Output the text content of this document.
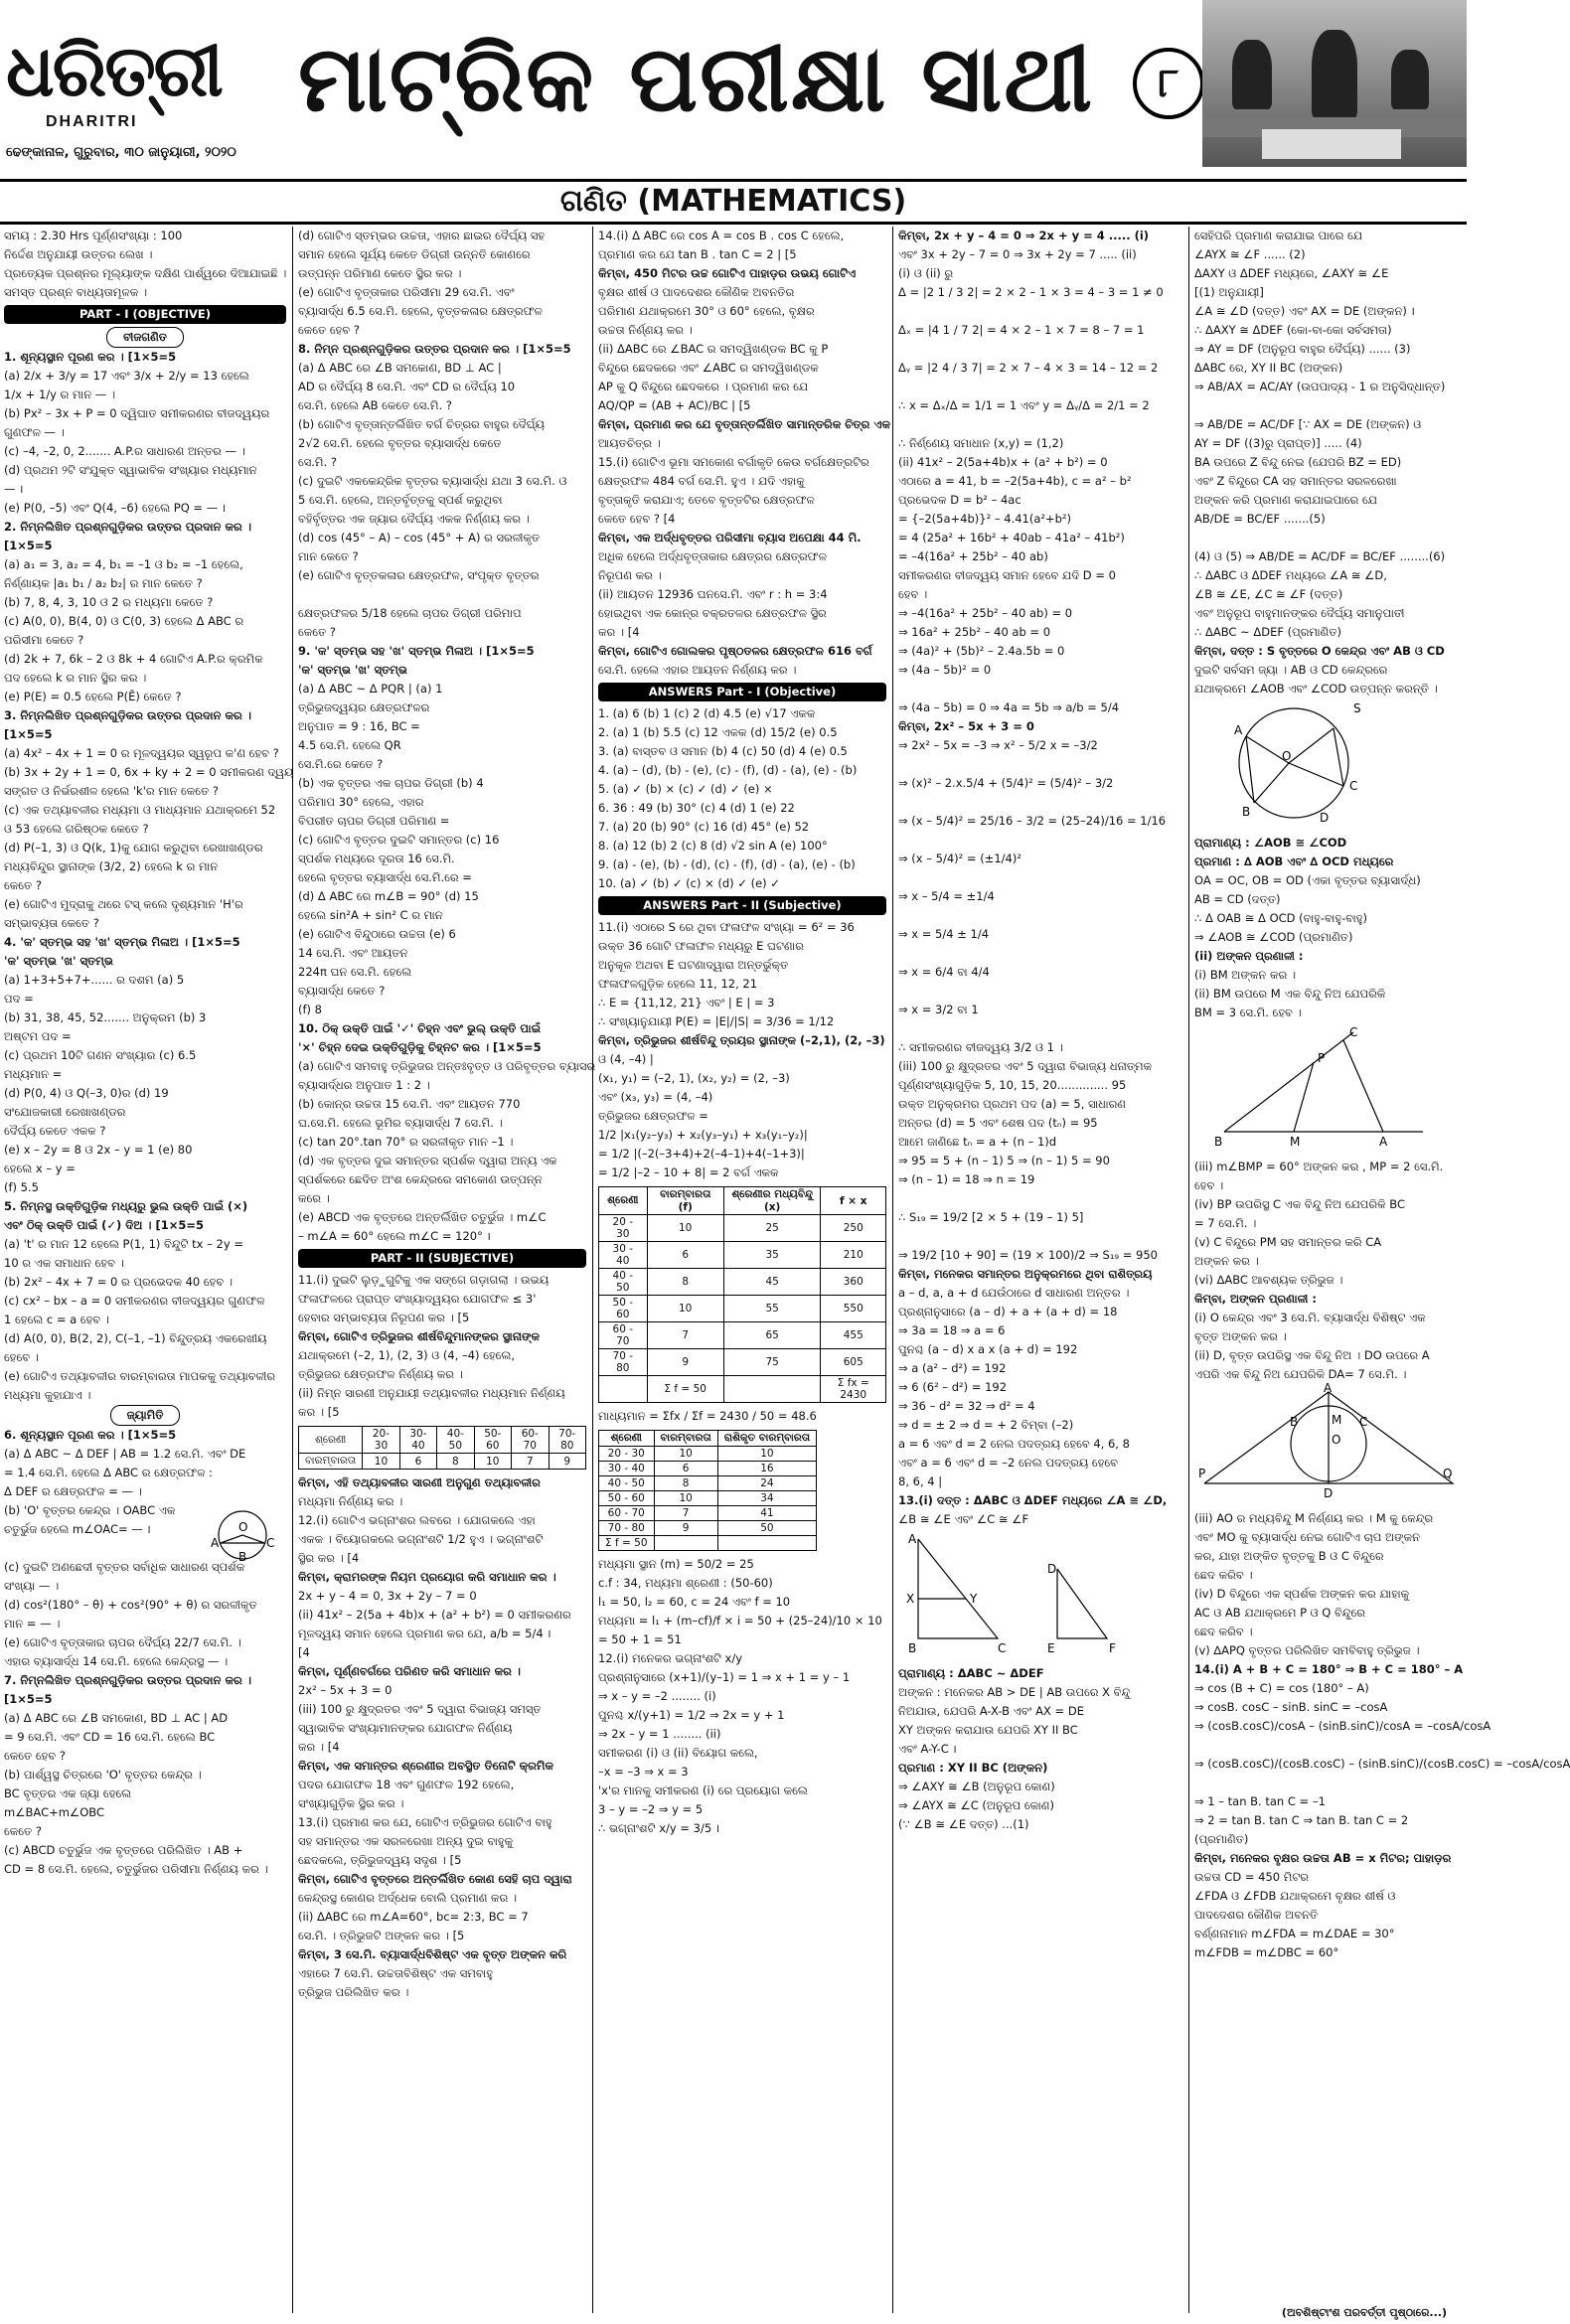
ଧରିତ୍ରୀ
DHARITRI
ଢେଙ୍କାନାଳ, ଗୁରୁବାର, ୩୦ ଜାନୁୟାରୀ, ୨୦୨୦
ମାଟ୍ରିକ ପରୀକ୍ଷା ସାଥୀ	୮
ଗଣିତ (MATHEMATICS)

ସମୟ : 2.30 Hrs ପୂର୍ଣ୍ଣସଂଖ୍ୟା : 100

ନିର୍ଦ୍ଦେଶ ଅନୁଯାୟୀ ଉତ୍ତର ଲେଖ ।

ପ୍ରତ୍ୟେକ ପ୍ରଶ୍ନର ମୂଲ୍ୟାଙ୍କ ଦକ୍ଷିଣ ପାର୍ଶ୍ୱରେ ଦିଆଯାଇଛି ।

ସମସ୍ତ ପ୍ରଶ୍ନ ବାଧ୍ୟତାମୂଳକ ।

PART - I (OBJECTIVE)

ବୀଜଗଣିତ

1. ଶୂନ୍ୟସ୍ଥାନ ପୂରଣ କର । [1×5=5

(a) 2/x + 3/y = 17 ଏବଂ 3/x + 2/y = 13 ହେଲେ

1/x + 1/y ର ମାନ — ।

(b) Px² – 3x + P = 0 ଦ୍ୱିଘାତ ସମୀକରଣର ବୀଜଦ୍ୱୟର

ଗୁଣଫଳ — ।

(c) –4, –2, 0, 2....... A.P.ର ସାଧାରଣ ଅନ୍ତର — ।

(d) ପ୍ରଥମ ୨ଟି ସଂଯୁକ୍ତ ସ୍ୱାଭାବିକ ସଂଖ୍ୟାର ମଧ୍ୟମାନ

— ।

(e) P(0, –5) ଏବଂ Q(4, –6) ହେଲେ PQ = — ।

2. ନିମ୍ନଲିଖିତ ପ୍ରଶ୍ନଗୁଡ଼ିକର ଉତ୍ତର ପ୍ରଦାନ କର ।

[1×5=5

(a) a₁ = 3, a₂ = 4, b₁ = –1 ଓ b₂ = –1 ହେଲେ,

ନିର୍ଣ୍ଣାୟକ |a₁ b₁ / a₂ b₂| ର ମାନ କେତେ ?

(b) 7, 8, 4, 3, 10 ଓ 2 ର ମଧ୍ୟମା କେତେ ?

(c) A(0, 0), B(4, 0) ଓ C(0, 3) ହେଲେ Δ ABC ର

ପରିସୀମା କେତେ ?

(d) 2k + 7, 6k – 2 ଓ 8k + 4 ଗୋଟିଏ A.P.ର କ୍ରମିକ

ପଦ ହେଲେ k ର ମାନ ସ୍ଥିର କର ।

(e) P(E) = 0.5 ହେଲେ P(Ē) କେତେ ?

3. ନିମ୍ନଲିଖିତ ପ୍ରଶ୍ନଗୁଡ଼ିକର ଉତ୍ତର ପ୍ରଦାନ କର ।

[1×5=5

(a) 4x² – 4x + 1 = 0 ର ମୂଳଦ୍ୱୟର ସ୍ୱରୂପ କ'ଣ ହେବ ?

(b) 3x + 2y + 1 = 0, 6x + ky + 2 = 0 ସମୀକରଣ ଦ୍ୱୟ

ସଙ୍ଗତ ଓ ନିର୍ଭରଶୀଳ ହେଲେ 'k'ର ମାନ କେତେ ?

(c) ଏକ ତଥ୍ୟାବଳୀର ମଧ୍ୟମା ଓ ମାଧ୍ୟମାନ ଯଥାକ୍ରମେ 52

ଓ 53 ହେଲେ ଗରିଷ୍ଠକ କେତେ ?

(d) P(–1, 3) ଓ Q(k, 1)କୁ ଯୋଗ କରୁଥିବା ରେଖାଖଣ୍ଡର

ମଧ୍ୟବିନ୍ଦୁର ସ୍ଥାନାଙ୍କ (3/2, 2) ହେଲେ k ର ମାନ

କେତେ ?

(e) ଗୋଟିଏ ମୁଦ୍ରାକୁ ଥରେ ଟସ୍ କଲେ ଦୃଶ୍ୟମାନ 'H'ର

ସମ୍ଭାବ୍ୟତା କେତେ ?

4. 'କ' ସ୍ତମ୍ଭ ସହ 'ଖ' ସ୍ତମ୍ଭ ମିଳାଅ । [1×5=5

'କ' ସ୍ତମ୍ଭ 'ଖ' ସ୍ତମ୍ଭ

(a) 1+3+5+7+...... ର ଦଶମ (a) 5

ପଦ =

(b) 31, 38, 45, 52....... ଅନୁକ୍ରମ (b) 3

ଅଷ୍ଟମ ପଦ =

(c) ପ୍ରଥମ 10ଟି ଗଣନ ସଂଖ୍ୟାର (c) 6.5

ମଧ୍ୟମାନ =

(d) P(0, 4) ଓ Q(–3, 0)ର (d) 19

ସଂଯୋଜକାରୀ ରେଖାଖଣ୍ଡର

ଦୈର୍ଘ୍ୟ କେତେ ଏକକ ?

(e) x – 2y = 8 ଓ 2x – y = 1 (e) 80

ହେଲେ x – y =

(f) 5.5

5. ନିମ୍ନସ୍ଥ ଉକ୍ତିଗୁଡ଼ିକ ମଧ୍ୟରୁ ଭୁଲ ଉକ୍ତି ପାଇଁ (×)

ଏବଂ ଠିକ୍ ଉକ୍ତି ପାଇଁ (✓) ଦିଅ । [1×5=5

(a) 't' ର ମାନ 12 ହେଲେ P(1, 1) ବିନ୍ଦୁଟି tx – 2y =

10 ର ଏକ ସମାଧାନ ହେବ ।

(b) 2x² – 4x + 7 = 0 ର ପ୍ରଭେଦକ 40 ହେବ ।

(c) cx² – bx – a = 0 ସମୀକରଣର ବୀଜଦ୍ୱୟର ଗୁଣଫଳ

1 ହେଲେ c = a ହେବ ।

(d) A(0, 0), B(2, 2), C(–1, –1) ବିନ୍ଦୁତ୍ରୟ ଏକରେଖୀୟ

ହେବେ ।

(e) ଗୋଟିଏ ତଥ୍ୟାବଳୀର ବାରମ୍ବାରତା ମାପକକୁ ତଥ୍ୟାବଳୀର

ମଧ୍ୟମା କୁହାଯାଏ ।

ଜ୍ୟାମିତି

6. ଶୂନ୍ୟସ୍ଥାନ ପୂରଣ କର । [1×5=5

(a) Δ ABC ~ Δ DEF | AB = 1.2 ସେ.ମି. ଏବଂ DE

= 1.4 ସେ.ମି. ହେଲେ Δ ABC ର କ୍ଷେତ୍ରଫଳ :

Δ DEF ର କ୍ଷେତ୍ରଫଳ = — ।

(b) 'O' ବୃତ୍ତର କେନ୍ଦ୍ର । OABC ଏକ

ଚତୁର୍ଭୁଜ ହେଲେ m∠OAC= — ।

(c) ଦୁଇଟି ଅଣଛେଦୀ ବୃତ୍ତର ସର୍ବାଧିକ ସାଧାରଣ ସ୍ପର୍ଶକ

ସଂଖ୍ୟା — ।

(d) cos²(180° – θ) + cos²(90° + θ) ର ସରଳୀକୃତ

ମାନ = — ।

(e) ଗୋଟିଏ ବୃତ୍ତାକାର ଚାପର ଦୈର୍ଘ୍ୟ 22/7 ସେ.ମି. ।

ଏହାର ବ୍ୟାସାର୍ଦ୍ଧ 14 ସେ.ମି. ହେଲେ କେନ୍ଦ୍ରସ୍ଥ — ।

7. ନିମ୍ନଲିଖିତ ପ୍ରଶ୍ନଗୁଡ଼ିକର ଉତ୍ତର ପ୍ରଦାନ କର ।

[1×5=5

(a) Δ ABC ରେ ∠B ସମକୋଣ, BD ⊥ AC | AD

= 9 ସେ.ମି. ଏବଂ CD = 16 ସେ.ମି. ହେଲେ BC

କେତେ ହେବ ?

(b) ପାର୍ଶ୍ୱସ୍ଥ ଚିତ୍ରରେ 'O' ବୃତ୍ତର କେନ୍ଦ୍ର ।

BC ବୃତ୍ତର ଏକ ଜ୍ୟା ହେଲେ

m∠BAC+m∠OBC

କେତେ ?

(c) ABCD ଚତୁର୍ଭୁଜ ଏକ ବୃତ୍ତରେ ପରିଲିଖିତ । AB +

CD = 8 ସେ.ମି. ହେଲେ, ଚତୁର୍ଭୁଜର ପରିସୀମା ନିର୍ଣ୍ଣୟ କର ।

O
A
B
C

(d) ଗୋଟିଏ ସ୍ତମ୍ଭର ଉଚ୍ଚତା, ଏହାର ଛାଇର ଦୈର୍ଘ୍ୟ ସହ

ସମାନ ହେଲେ ସୂର୍ଯ୍ୟ କେତେ ଡିଗ୍ରୀ ଉନ୍ନତି କୋଣରେ

ଉତ୍ପନ୍ନ ପରିମାଣ କେତେ ସ୍ଥିର କର ।

(e) ଗୋଟିଏ ବୃତ୍ତାକାର ପରିସୀମା 29 ସେ.ମି. ଏବଂ

ବ୍ୟାସାର୍ଦ୍ଧ 6.5 ସେ.ମି. ହେଲେ, ବୃତ୍ତକଳାର କ୍ଷେତ୍ରଫଳ

କେତେ ହେବ ?

8. ନିମ୍ନ ପ୍ରଶ୍ନଗୁଡ଼ିକର ଉତ୍ତର ପ୍ରଦାନ କର । [1×5=5

(a) Δ ABC ରେ ∠B ସମକୋଣ, BD ⊥ AC |

AD ର ଦୈର୍ଘ୍ୟ 8 ସେ.ମି. ଏବଂ CD ର ଦୈର୍ଘ୍ୟ 10

ସେ.ମି. ହେଲେ AB କେତେ ସେ.ମି. ?

(b) ଗୋଟିଏ ବୃତ୍ତାନ୍ତର୍ଲିଖିତ ବର୍ଗ ଚିତ୍ରର ବାହୁର ଦୈର୍ଘ୍ୟ

2√2 ସେ.ମି. ହେଲେ ବୃତ୍ତର ବ୍ୟାସାର୍ଦ୍ଧ କେତେ

ସେ.ମି. ?

(c) ଦୁଇଟି ଏକକେନ୍ଦ୍ରିକ ବୃତ୍ତର ବ୍ୟାସାର୍ଦ୍ଧ ଯଥା 3 ସେ.ମି. ଓ

5 ସେ.ମି. ହେଲେ, ଅନ୍ତର୍ବୃତ୍ତକୁ ସ୍ପର୍ଶ କରୁଥିବା

ବହିର୍ବୃତ୍ତର ଏକ ଜ୍ୟାର ଦୈର୍ଘ୍ୟ ଏକକ ନିର୍ଣ୍ଣୟ କର ।

(d) cos (45° – A) – cos (45° + A) ର ସରଳୀକୃତ

ମାନ କେତେ ?

(e) ଗୋଟିଏ ବୃତ୍ତକଳାର କ୍ଷେତ୍ରଫଳ, ସଂପୃକ୍ତ ବୃତ୍ତର

କ୍ଷେତ୍ରଫଳର 5/18 ହେଲେ ଚାପର ଡିଗ୍ରୀ ପରିମାପ

କେତେ ?

9. 'କ' ସ୍ତମ୍ଭ ସହ 'ଖ' ସ୍ତମ୍ଭ ମିଳାଅ । [1×5=5

'କ' ସ୍ତମ୍ଭ 'ଖ' ସ୍ତମ୍ଭ

(a) Δ ABC ~ Δ PQR | (a) 1

ତ୍ରିଭୁଜଦ୍ୱୟର କ୍ଷେତ୍ରଫଳର

ଅନୁପାତ = 9 : 16, BC =

4.5 ସେ.ମି. ହେଲେ QR

ସେ.ମି.ରେ କେତେ ?

(b) ଏକ ବୃତ୍ତର ଏକ ଚାପର ଡିଗ୍ରୀ (b) 4

ପରିମାପ 30° ହେଲେ, ଏହାର

ବିପରୀତ ଚାପର ଡିଗ୍ରୀ ପରିମାଣ =

(c) ଗୋଟିଏ ବୃତ୍ତର ଦୁଇଟି ସମାନ୍ତର (c) 16

ସ୍ପର୍ଶକ ମଧ୍ୟରେ ଦୂରତା 16 ସେ.ମି.

ହେଲେ ବୃତ୍ତର ବ୍ୟାସାର୍ଦ୍ଧ ସେ.ମି.ରେ =

(d) Δ ABC ରେ m∠B = 90° (d) 15

ହେଲେ sin²A + sin² C ର ମାନ

(e) ଗୋଟିଏ ବିନ୍ଦୁଠାରେ ଉଚ୍ଚତା (e) 6

14 ସେ.ମି. ଏବଂ ଆୟତନ

224π ଘନ ସେ.ମି. ହେଲେ

ବ୍ୟାସାର୍ଦ୍ଧ କେତେ ?

(f) 8

10. ଠିକ୍ ଉକ୍ତି ପାଇଁ '✓' ଚିହ୍ନ ଏବଂ ଭୁଲ୍ ଉକ୍ତି ପାଇଁ

'×' ଚିହ୍ନ ଦେଇ ଉକ୍ତିଗୁଡ଼ିକୁ ଚିହ୍ନଟ କର । [1×5=5

(a) ଗୋଟିଏ ସମବାହୁ ତ୍ରିଭୁଜର ଅନ୍ତଃବୃତ୍ତ ଓ ପରିବୃତ୍ତର ବ୍ୟାସର

ବ୍ୟାସାର୍ଦ୍ଧର ଅନୁପାତ 1 : 2 ।

(b) କୋନ୍‌ର ଉଚ୍ଚତା 15 ସେ.ମି. ଏବଂ ଆୟତନ 770

ଘ.ସେ.ମି. ହେଲେ ଭୂମିର ବ୍ୟାସାର୍ଦ୍ଧ 7 ସେ.ମି. ।

(c) tan 20°.tan 70° ର ସରଳୀକୃତ ମାନ –1 ।

(d) ଏକ ବୃତ୍ତର ଦୁଇ ସମାନ୍ତର ସ୍ପର୍ଶକ ଦ୍ୱାରା ଅନ୍ୟ ଏକ

ସ୍ପର୍ଶକରେ ଛେଦିତ ଅଂଶ କେନ୍ଦ୍ରରେ ସମକୋଣ ଉତ୍ପନ୍ନ

କରେ ।

(e) ABCD ଏକ ବୃତ୍ତରେ ଅନ୍ତର୍ଲିଖିତ ଚତୁର୍ଭୁଜ । m∠C

– m∠A = 60° ହେଲେ m∠C = 120° ।

PART - II (SUBJECTIVE)

11.(i) ଦୁଇଟି ଲୁଡ଼ୁଗୁଟିକୁ ଏକ ସଙ୍ଗେ ଗଡ଼ାଗଲା । ଉଭୟ

ଫଳାଫଳରେ ପ୍ରାପ୍ତ ସଂଖ୍ୟାଦ୍ୱୟର ଯୋଗଫଳ ≤ 3'

ହେବାର ସମ୍ଭାବ୍ୟତା ନିରୂପଣ କର । [5

କିମ୍ବା, ଗୋଟିଏ ତ୍ରିଭୁଜର ଶୀର୍ଷବିନ୍ଦୁମାନଙ୍କର ସ୍ଥାନାଙ୍କ

ଯଥାକ୍ରମେ (–2, 1), (2, 3) ଓ (4, –4) ହେଲେ,

ତ୍ରିଭୁଜର କ୍ଷେତ୍ରଫଳ ନିର୍ଣ୍ଣୟ କର ।

(ii) ନିମ୍ନ ସାରଣୀ ଅନୁଯାୟୀ ତଥ୍ୟାବଳୀର ମଧ୍ୟମାନ ନିର୍ଣ୍ଣୟ

କର । [5

ଶ୍ରେଣୀ	20-30	30-40	40-50	50-60	60-70	70-80
ବାରମ୍ବାରତା	10	6	8	10	7	9

କିମ୍ବା, ଏହି ତଥ୍ୟାବଳୀର ସାରଣୀ ଅନୁଗୁଣ ତଥ୍ୟାବଳୀର

ମଧ୍ୟମା ନିର୍ଣ୍ଣୟ କର ।

12.(i) ଗୋଟିଏ ଭଗ୍ନାଂଶର ଲବରେ । ଯୋଗକଲେ ଏହା

ଏକକ । ବିୟୋଗକଲେ ଭଗ୍ନାଂଶଟି 1/2 ହୁଏ । ଭଗ୍ନାଂଶଟି

ସ୍ଥିର କର । [4

କିମ୍ବା, କ୍ରାମରଙ୍କ ନିୟମ ପ୍ରୟୋଗ କରି ସମାଧାନ କର ।

2x + y – 4 = 0, 3x + 2y – 7 = 0

(ii) 41x² – 2(5a + 4b)x + (a² + b²) = 0 ସମୀକରଣର

ମୂଳଦ୍ୱୟ ସମାନ ହେଲେ ପ୍ରମାଣ କର ଯେ, a/b = 5/4 ।

[4

କିମ୍ବା, ପୂର୍ଣ୍ଣବର୍ଗରେ ପରିଣତ କରି ସମାଧାନ କର ।

2x² – 5x + 3 = 0

(iii) 100 ରୁ କ୍ଷୁଦ୍ରତର ଏବଂ 5 ଦ୍ୱାରା ବିଭାଜ୍ୟ ସମସ୍ତ

ସ୍ୱାଭାବିକ ସଂଖ୍ୟାମାନଙ୍କର ଯୋଗଫଳ ନିର୍ଣ୍ଣୟ

କର । [4

କିମ୍ବା, ଏକ ସମାନ୍ତର ଶ୍ରେଣୀର ଅବସ୍ଥିତ ତିନୋଟି କ୍ରମିକ

ପଦର ଯୋଗଫଳ 18 ଏବଂ ଗୁଣଫଳ 192 ହେଲେ,

ସଂଖ୍ୟାଗୁଡ଼ିକ ସ୍ଥିର କର ।

13.(i) ପ୍ରମାଣ କର ଯେ, ଗୋଟିଏ ତ୍ରିଭୁଜର ଗୋଟିଏ ବାହୁ

ସହ ସମାନ୍ତର ଏକ ସରଳରେଖା ଅନ୍ୟ ଦୁଇ ବାହୁକୁ

ଛେଦକଲେ, ତ୍ରିଭୁଜଦ୍ୱୟ ସଦୃଶ । [5

କିମ୍ବା, ଗୋଟିଏ ବୃତ୍ତରେ ଅନ୍ତର୍ଲିଖିତ କୋଣ ସେହି ଚାପ ଦ୍ୱାରା

କେନ୍ଦ୍ରସ୍ଥ କୋଣର ଅର୍ଦ୍ଧେକ ବୋଲି ପ୍ରମାଣ କର ।

(ii) ΔABC ରେ m∠A=60°, bc= 2:3, BC = 7

ସେ.ମି. । ତ୍ରିଭୁଜଟି ଅଙ୍କନ କର । [5

କିମ୍ବା, 3 ସେ.ମି. ବ୍ୟାସାର୍ଦ୍ଧବିଶିଷ୍ଟ ଏକ ବୃତ୍ତ ଅଙ୍କନ କରି

ଏହାରେ 7 ସେ.ମି. ଉଚ୍ଚତାବିଶିଷ୍ଟ ଏକ ସମବାହୁ

ତ୍ରିଭୁଜ ପରିଲିଖିତ କର ।

14.(i) Δ ABC ରେ cos A = cos B . cos C ହେଲେ,

ପ୍ରମାଣ କର ଯେ tan B . tan C = 2 | [5

କିମ୍ବା, 450 ମିଟର ଉଚ୍ଚ ଗୋଟିଏ ପାହାଡ଼ର ଉଭୟ ଗୋଟିଏ

ବୃକ୍ଷର ଶୀର୍ଷ ଓ ପାଦଦେଶର କୌଣିକ ଅବନତିର

ପରିମାଣ ଯଥାକ୍ରମେ 30° ଓ 60° ହେଲେ, ବୃକ୍ଷର

ଉଚ୍ଚତା ନିର୍ଣ୍ଣୟ କର ।

(ii) ΔABC ରେ ∠BAC ର ସମଦ୍ୱିଖଣ୍ଡକ BC କୁ P

ବିନ୍ଦୁରେ ଛେଦକରେ ଏବଂ ∠ABC ର ସମଦ୍ୱିଖଣ୍ଡକ

AP କୁ Q ବିନ୍ଦୁରେ ଛେଦକରେ । ପ୍ରମାଣ କର ଯେ

AQ/QP = (AB + AC)/BC | [5

କିମ୍ବା, ପ୍ରମାଣ କର ଯେ ବୃତ୍ତାନ୍ତର୍ଲିଖିତ ସାମାନ୍ତରିକ ଚିତ୍ର ଏକ

ଆୟତଚିତ୍ର ।

15.(i) ଗୋଟିଏ ଭୂମା ସମକୋଣ ବର୍ଗାକୃତି କେଉ ବର୍ଗକ୍ଷେତ୍ରଟିର

କ୍ଷେତ୍ରଫଳ 484 ବର୍ଗ ସେ.ମି. ହୁଏ । ଯଦି ଏହାକୁ

ବୃତ୍ତାକୃତି କରାଯାଏ; ତେବେ ବୃତ୍ତଟିର କ୍ଷେତ୍ରଫଳ

କେତେ ହେବ ? [4

କିମ୍ବା, ଏକ ଅର୍ଦ୍ଧବୃତ୍ତର ପରିସୀମା ବ୍ୟାସ ଅପେକ୍ଷା 44 ମି.

ଅଧିକ ହେଲେ ଅର୍ଦ୍ଧବୃତ୍ତାକାର କ୍ଷେତ୍ରର କ୍ଷେତ୍ରଫଳ

ନିରୂପଣ କର ।

(ii) ଆୟତନ 12936 ଘନସେ.ମି. ଏବଂ r : h = 3:4

ହୋଇଥିବା ଏକ କୋନ୍‌ର ବକ୍ରତଳର କ୍ଷେତ୍ରଫଳ ସ୍ଥିର

କର । [4

କିମ୍ବା, ଗୋଟିଏ ଗୋଲକର ପୃଷ୍ଠତଳର କ୍ଷେତ୍ରଫଳ 616 ବର୍ଗ

ସେ.ମି. ହେଲେ ଏହାର ଆୟତନ ନିର୍ଣ୍ଣୟ କର ।

ANSWERS Part - I (Objective)

1. (a) 6 (b) 1 (c) 2 (d) 4.5 (e) √17 ଏକକ

2. (a) 1 (b) 5.5 (c) 12 ଏକକ (d) 15/2 (e) 0.5

3. (a) ବାସ୍ତବ ଓ ସମାନ (b) 4 (c) 50 (d) 4 (e) 0.5

4. (a) – (d), (b) - (e), (c) - (f), (d) - (a), (e) - (b)

5. (a) ✓ (b) × (c) ✓ (d) ✓ (e) ×

6. 36 : 49 (b) 30° (c) 4 (d) 1 (e) 22

7. (a) 20 (b) 90° (c) 16 (d) 45° (e) 52

8. (a) 12 (b) 2 (c) 8 (d) √2 sin A (e) 100°

9. (a) - (e), (b) - (d), (c) - (f), (d) - (a), (e) - (b)

10. (a) ✓ (b) ✓ (c) × (d) ✓ (e) ✓

ANSWERS Part - II (Subjective)

11.(i) ଏଠାରେ S ରେ ଥିବା ଫଳାଫଳ ସଂଖ୍ୟା = 6² = 36

ଉକ୍ତ 36 ଗୋଟି ଫଳାଫଳ ମଧ୍ୟରୁ E ଘଟଣାର

ଅନୁକୂଳ ଅଥବା E ଘଟଣାଦ୍ୱାରା ଅନ୍ତର୍ଭୁକ୍ତ

ଫଳାଫଳଗୁଡ଼ିକ ହେଲେ 11, 12, 21

∴ E = {11,12, 21} ଏବଂ | E | = 3

∴ ସଂଖ୍ୟାନୁଯାୟୀ P(E) = |E|/|S| = 3/36 = 1/12

କିମ୍ବା, ତ୍ରିଭୁଜର ଶୀର୍ଷବିନ୍ଦୁ ତ୍ରୟର ସ୍ଥାନାଙ୍କ (–2,1), (2, –3)

ଓ (4, –4) |

(x₁, y₁) = (–2, 1), (x₂, y₂) = (2, –3)

ଏବଂ (x₃, y₃) = (4, –4)

ତ୍ରିଭୁଜର କ୍ଷେତ୍ରଫଳ =

1/2 |x₁(y₂–y₃) + x₂(y₃–y₁) + x₃(y₁–y₂)|

= 1/2 |(–2(–3+4)+2(–4–1)+4(–1+3)|

= 1/2 |–2 – 10 + 8| = 2 ବର୍ଗ ଏକକ

ଶ୍ରେଣୀ	ବାରମ୍ବାରତା (f)	ଶ୍ରେଣୀର ମଧ୍ୟବିନ୍ଦୁ (x)	f × x
20 - 30	10	25	250
30 - 40	6	35	210
40 - 50	8	45	360
50 - 60	10	55	550
60 - 70	7	65	455
70 - 80	9	75	605
	Σ f = 50		Σ fx = 2430

ମାଧ୍ୟମାନ = Σfx / Σf = 2430 / 50 = 48.6

ଶ୍ରେଣୀ	ବାରମ୍ବାରତା	ରାଶିକୃତ ବାରମ୍ବାରତା
20 - 30	10	10
30 - 40	6	16
40 - 50	8	24
50 - 60	10	34
60 - 70	7	41
70 - 80	9	50
Σ f = 50		

ମଧ୍ୟମା ସ୍ଥାନ (m) = 50/2 = 25

c.f : 34, ମଧ୍ୟମା ଶ୍ରେଣୀ : (50-60)

l₁ = 50, l₂ = 60, c = 24 ଏବଂ f = 10

ମଧ୍ୟମା = l₁ + (m–cf)/f × i = 50 + (25–24)/10 × 10

= 50 + 1 = 51

12.(i) ମନେକର ଭଗ୍ନାଂଶଟି x/y

ପ୍ରଶ୍ନାନୁସାରେ (x+1)/(y–1) = 1 ⇒ x + 1 = y – 1

⇒ x – y = –2 ........ (i)

ପୁନଶ୍ଚ x/(y+1) = 1/2 ⇒ 2x = y + 1

⇒ 2x – y = 1 ........ (ii)

ସମୀକରଣ (i) ଓ (ii) ବିୟୋଗ କଲେ,

–x = –3 ⇒ x = 3

'x'ର ମାନକୁ ସମୀକରଣ (i) ରେ ପ୍ରୟୋଗ କଲେ

3 – y = –2 ⇒ y = 5

∴ ଭଗ୍ନାଂଶଟି x/y = 3/5 ।

କିମ୍ବା, 2x + y – 4 = 0 ⇒ 2x + y = 4 ..... (i)

ଏବଂ 3x + 2y – 7 = 0 ⇒ 3x + 2y = 7 ..... (ii)

(i) ଓ (ii) ରୁ

Δ = |2 1 / 3 2| = 2 × 2 – 1 × 3 = 4 – 3 = 1 ≠ 0

Δₓ = |4 1 / 7 2| = 4 × 2 – 1 × 7 = 8 – 7 = 1

Δᵧ = |2 4 / 3 7| = 2 × 7 – 4 × 3 = 14 – 12 = 2

∴ x = Δₓ/Δ = 1/1 = 1 ଏବଂ y = Δᵧ/Δ = 2/1 = 2

∴ ନିର୍ଣ୍ଣେୟ ସମାଧାନ (x,y) = (1,2)

(ii) 41x² – 2(5a+4b)x + (a² + b²) = 0

ଏଠାରେ a = 41, b = –2(5a+4b), c = a² – b²

ପ୍ରଭେଦକ D = b² – 4ac

= {–2(5a+4b)}² – 4.41(a²+b²)

= 4 (25a² + 16b² + 40ab – 41a² – 41b²)

= –4(16a² + 25b² – 40 ab)

ସମୀକରଣର ବୀଜଦ୍ୱୟ ସମାନ ହେବେ ଯଦି D = 0

ହେବ ।

⇒ –4(16a² + 25b² – 40 ab) = 0

⇒ 16a² + 25b² – 40 ab = 0

⇒ (4a)² + (5b)² – 2.4a.5b = 0

⇒ (4a – 5b)² = 0

⇒ (4a – 5b) = 0 ⇒ 4a = 5b ⇒ a/b = 5/4

କିମ୍ବା, 2x² – 5x + 3 = 0

⇒ 2x² – 5x = –3 ⇒ x² – 5/2 x = –3/2

⇒ (x)² – 2.x.5/4 + (5/4)² = (5/4)² – 3/2

⇒ (x – 5/4)² = 25/16 – 3/2 = (25–24)/16 = 1/16

⇒ (x – 5/4)² = (±1/4)²

⇒ x – 5/4 = ±1/4

⇒ x = 5/4 ± 1/4

⇒ x = 6/4 ବା 4/4

⇒ x = 3/2 ବା 1

∴ ସମୀକରଣର ବୀଜଦ୍ୱୟ 3/2 ଓ 1 ।

(iii) 100 ରୁ କ୍ଷୁଦ୍ରତର ଏବଂ 5 ଦ୍ୱାରା ବିଭାଜ୍ୟ ଧନାତ୍ମକ

ପୂର୍ଣ୍ଣସଂଖ୍ୟାଗୁଡ଼ିକ 5, 10, 15, 20.............. 95

ଉକ୍ତ ଅନୁକ୍ରମର ପ୍ରଥମ ପଦ (a) = 5, ସାଧାରଣ

ଅନ୍ତର (d) = 5 ଏବଂ ଶେଷ ପଦ (tₙ) = 95

ଆମେ ଜାଣିଛେ tₙ = a + (n – 1)d

⇒ 95 = 5 + (n – 1) 5 ⇒ (n – 1) 5 = 90

⇒ (n – 1) = 18 ⇒ n = 19

∴ S₁₉ = 19/2 [2 × 5 + (19 – 1) 5]

⇒ 19/2 [10 + 90] = (19 × 100)/2 ⇒ S₁₉ = 950

କିମ୍ବା, ମନେକର ସମାନ୍ତର ଅନୁକ୍ରମରେ ଥିବା ରାଶିତ୍ରୟ

a – d, a, a + d ଯେଉଁଠାରେ d ସାଧାରଣ ଅନ୍ତର ।

ପ୍ରଶ୍ନାନୁସାରେ (a – d) + a + (a + d) = 18

⇒ 3a = 18 ⇒ a = 6

ପୁନଶ୍ଚ (a – d) x a x (a + d) = 192

⇒ a (a² – d²) = 192

⇒ 6 (6² – d²) = 192

⇒ 36 – d² = 32 ⇒ d² = 4

⇒ d = ± 2 ⇒ d = + 2 ବିମ୍ବା (–2)

a = 6 ଏବଂ d = 2 ନେଲ ପଦତ୍ରୟ ହେବେ 4, 6, 8

ଏବଂ a = 6 ଏବଂ d = –2 ନେଲ ପଦତ୍ରୟ ହେବେ

8, 6, 4 |

13.(i) ଦତ୍ତ : ΔABC ଓ ΔDEF ମଧ୍ୟରେ ∠A ≅ ∠D,

∠B ≅ ∠E ଏବଂ ∠C ≅ ∠F

A
X	Y
B	C
D
E	F

ପ୍ରାମାଣ୍ୟ : ΔABC ~ ΔDEF

ଅଙ୍କନ : ମନେକର AB > DE | AB ଉପରେ X ବିନ୍ଦୁ

ନିଅଯାଉ, ଯେପରି A-X-B ଏବଂ AX = DE

XY ଅଙ୍କନ କରାଯାଉ ଯେପରି XY II BC

ଏବଂ A-Y-C ।

ପ୍ରମାଣ : XY II BC (ଅଙ୍କନ)

⇒ ∠AXY ≅ ∠B (ଅନୁରୂପ କୋଣ)

⇒ ∠AYX ≅ ∠C (ଅନୁରୂପ କୋଣ)

(∵ ∠B ≅ ∠E ଦତ୍ତ) ...(1)

ସେହିପରି ପ୍ରମାଣ କରାଯାଇ ପାରେ ଯେ

∠AYX ≅ ∠F ...... (2)

ΔAXY ଓ ΔDEF ମଧ୍ୟରେ, ∠AXY ≅ ∠E

[(1) ଅନୁଯାୟୀ]

∠A ≅ ∠D (ଦତ୍ତ) ଏବଂ AX = DE (ଅଙ୍କନ) ।

∴ ΔAXY ≅ ΔDEF (କୋ-ବା-କୋ ସର୍ବସମତା)

⇒ AY = DF (ଅନୁରୂପ ବାହୁର ଦୈର୍ଘ୍ୟ) ...... (3)

ΔABC ରେ, XY II BC (ଅଙ୍କନ)

⇒ AB/AX = AC/AY (ଉପପାଦ୍ୟ - 1 ର ଅନୁସିଦ୍ଧାନ୍ତ)

⇒ AB/DE = AC/DF [∵ AX = DE (ଅଙ୍କନ) ଓ

AY = DF ((3)ରୁ ପ୍ରାପ୍ତ)] ..... (4)

BA ଉପରେ Z ବିନ୍ଦୁ ନେଇ (ଯେପରି BZ = ED)

ଏବଂ Z ବିନ୍ଦୁରେ CA ସହ ସମାନ୍ତର ସରଳରେଖା

ଅଙ୍କନ କରି ପ୍ରମାଣ କରାଯାଇପାରେ ଯେ

AB/DE = BC/EF .......(5)

(4) ଓ (5) ⇒ AB/DE = AC/DF = BC/EF ........(6)

∴ ΔABC ଓ ΔDEF ମଧ୍ୟରେ ∠A ≅ ∠D,

∠B ≅ ∠E, ∠C ≅ ∠F (ଦତ୍ତ)

ଏବଂ ଅନୁରୂପ ବାହୁମାନଙ୍କର ଦୈର୍ଘ୍ୟ ସମାନୁପାତୀ

∴ ΔABC ~ ΔDEF (ପ୍ରମାଣିତ)

କିମ୍ବା, ଦତ୍ତ : S ବୃତ୍ତରେ O କେନ୍ଦ୍ର ଏବଂ AB ଓ CD

ଦୁଇଟି ସର୍ବସମ ଜ୍ୟା । AB ଓ CD କେନ୍ଦ୍ରରେ

ଯଥାକ୍ରମେ ∠AOB ଏବଂ ∠COD ଉତ୍ପନ୍ନ କରନ୍ତି ।

S
A
B
O
C
D

ପ୍ରାମାଣ୍ୟ : ∠AOB ≅ ∠COD

ପ୍ରମାଣ : ∆ AOB ଏବଂ ∆ OCD ମଧ୍ୟରେ

OA = OC, OB = OD (ଏକା ବୃତ୍ତର ବ୍ୟାସାର୍ଦ୍ଧ)

AB = CD (ଦତ୍ତ)

∴ Δ OAB ≅ Δ OCD (ବାହୁ-ବାହୁ-ବାହୁ)

⇒ ∠AOB ≅ ∠COD (ପ୍ରମାଣିତ)

(ii) ଅଙ୍କନ ପ୍ରଣାଳୀ :

(i) BM ଅଙ୍କନ କର ।

(ii) BM ଉପରେ M ଏକ ବିନ୍ଦୁ ନିଅ ଯେପରିକି

BM = 3 ସେ.ମି. ହେବ ।

P
C
B	M	A

(iii) m∠BMP = 60° ଅଙ୍କନ କର , MP = 2 ସେ.ମି.

ହେବ ।

(iv) BP ଉପରିସ୍ଥ C ଏକ ବିନ୍ଦୁ ନିଅ ଯେପରିକି BC

= 7 ସେ.ମି. ।

(v) C ବିନ୍ଦୁରେ PM ସହ ସମାନ୍ତର କରି CA

ଅଙ୍କନ କର ।

(vi) ∆ABC ଆବଶ୍ୟକ ତ୍ରିଭୁଜ ।

କିମ୍ବା, ଅଙ୍କନ ପ୍ରଣାଳୀ :

(i) O କେନ୍ଦ୍ର ଏବଂ 3 ସେ.ମି. ବ୍ୟାସାର୍ଦ୍ଧ ବିଶିଷ୍ଟ ଏକ

ବୃତ୍ତ ଅଙ୍କନ କର ।

(ii) D, ବୃତ୍ତ ଉପରିସ୍ଥ ଏକ ବିନ୍ଦୁ ନିଅ । DO ଉପରେ A

ଏପରି ଏକ ବିନ୍ଦୁ ନିଅ ଯେପରିକି DA= 7 ସେ.ମି. ।

Q
B
O
M C
P
D
A

(iii) AO ର ମଧ୍ୟବିନ୍ଦୁ M ନିର୍ଣ୍ଣୟ କର । M କୁ କେନ୍ଦ୍ର

ଏବଂ MO କୁ ବ୍ୟାସାର୍ଦ୍ଧ ନେଇ ଗୋଟିଏ ଚାପ ଅଙ୍କନ

କର, ଯାହା ଅଙ୍କିତ ବୃତ୍ତକୁ B ଓ C ବିନ୍ଦୁରେ

ଛେଦ କରିବ ।

(iv) D ବିନ୍ଦୁରେ ଏକ ସ୍ପର୍ଶକ ଅଙ୍କନ କର ଯାହାକୁ

AC ଓ AB ଯଥାକ୍ରମେ P ଓ Q ବିନ୍ଦୁରେ

ଛେଦ କରିବ ।

(v) ∆APQ ବୃତ୍ତର ପରିଲିଖିତ ସମବିବାହୁ ତ୍ରିଭୁଜ ।

14.(i) A + B + C = 180° ⇒ B + C = 180° – A

⇒ cos (B + C) = cos (180° – A)

⇒ cosB. cosC – sinB. sinC = –cosA

⇒ (cosB.cosC)/cosA – (sinB.sinC)/cosA = –cosA/cosA

⇒ (cosB.cosC)/(cosB.cosC) – (sinB.sinC)/(cosB.cosC) = –cosA/cosA

⇒ 1 – tan B. tan C = –1

⇒ 2 = tan B. tan C ⇒ tan B. tan C = 2

(ପ୍ରମାଣିତ)

କିମ୍ବା, ମନେକର ବୃକ୍ଷର ଉଚ୍ଚତା AB = x ମିଟର; ପାହାଡ଼ର

ଉଚ୍ଚତା CD = 450 ମିଟର

∠FDA ଓ ∠FDB ଯଥାକ୍ରମେ ବୃକ୍ଷର ଶୀର୍ଷ ଓ

ପାଦଦେଶର କୌଣିକ ଅବନତି

ବର୍ଣ୍ଣନାମାନ m∠FDA = m∠DAE = 30°

m∠FDB = m∠DBC = 60°

(ଅବଶିଷ୍ଟାଂଶ ପରବର୍ତ୍ତୀ ପୃଷ୍ଠାରେ...)
